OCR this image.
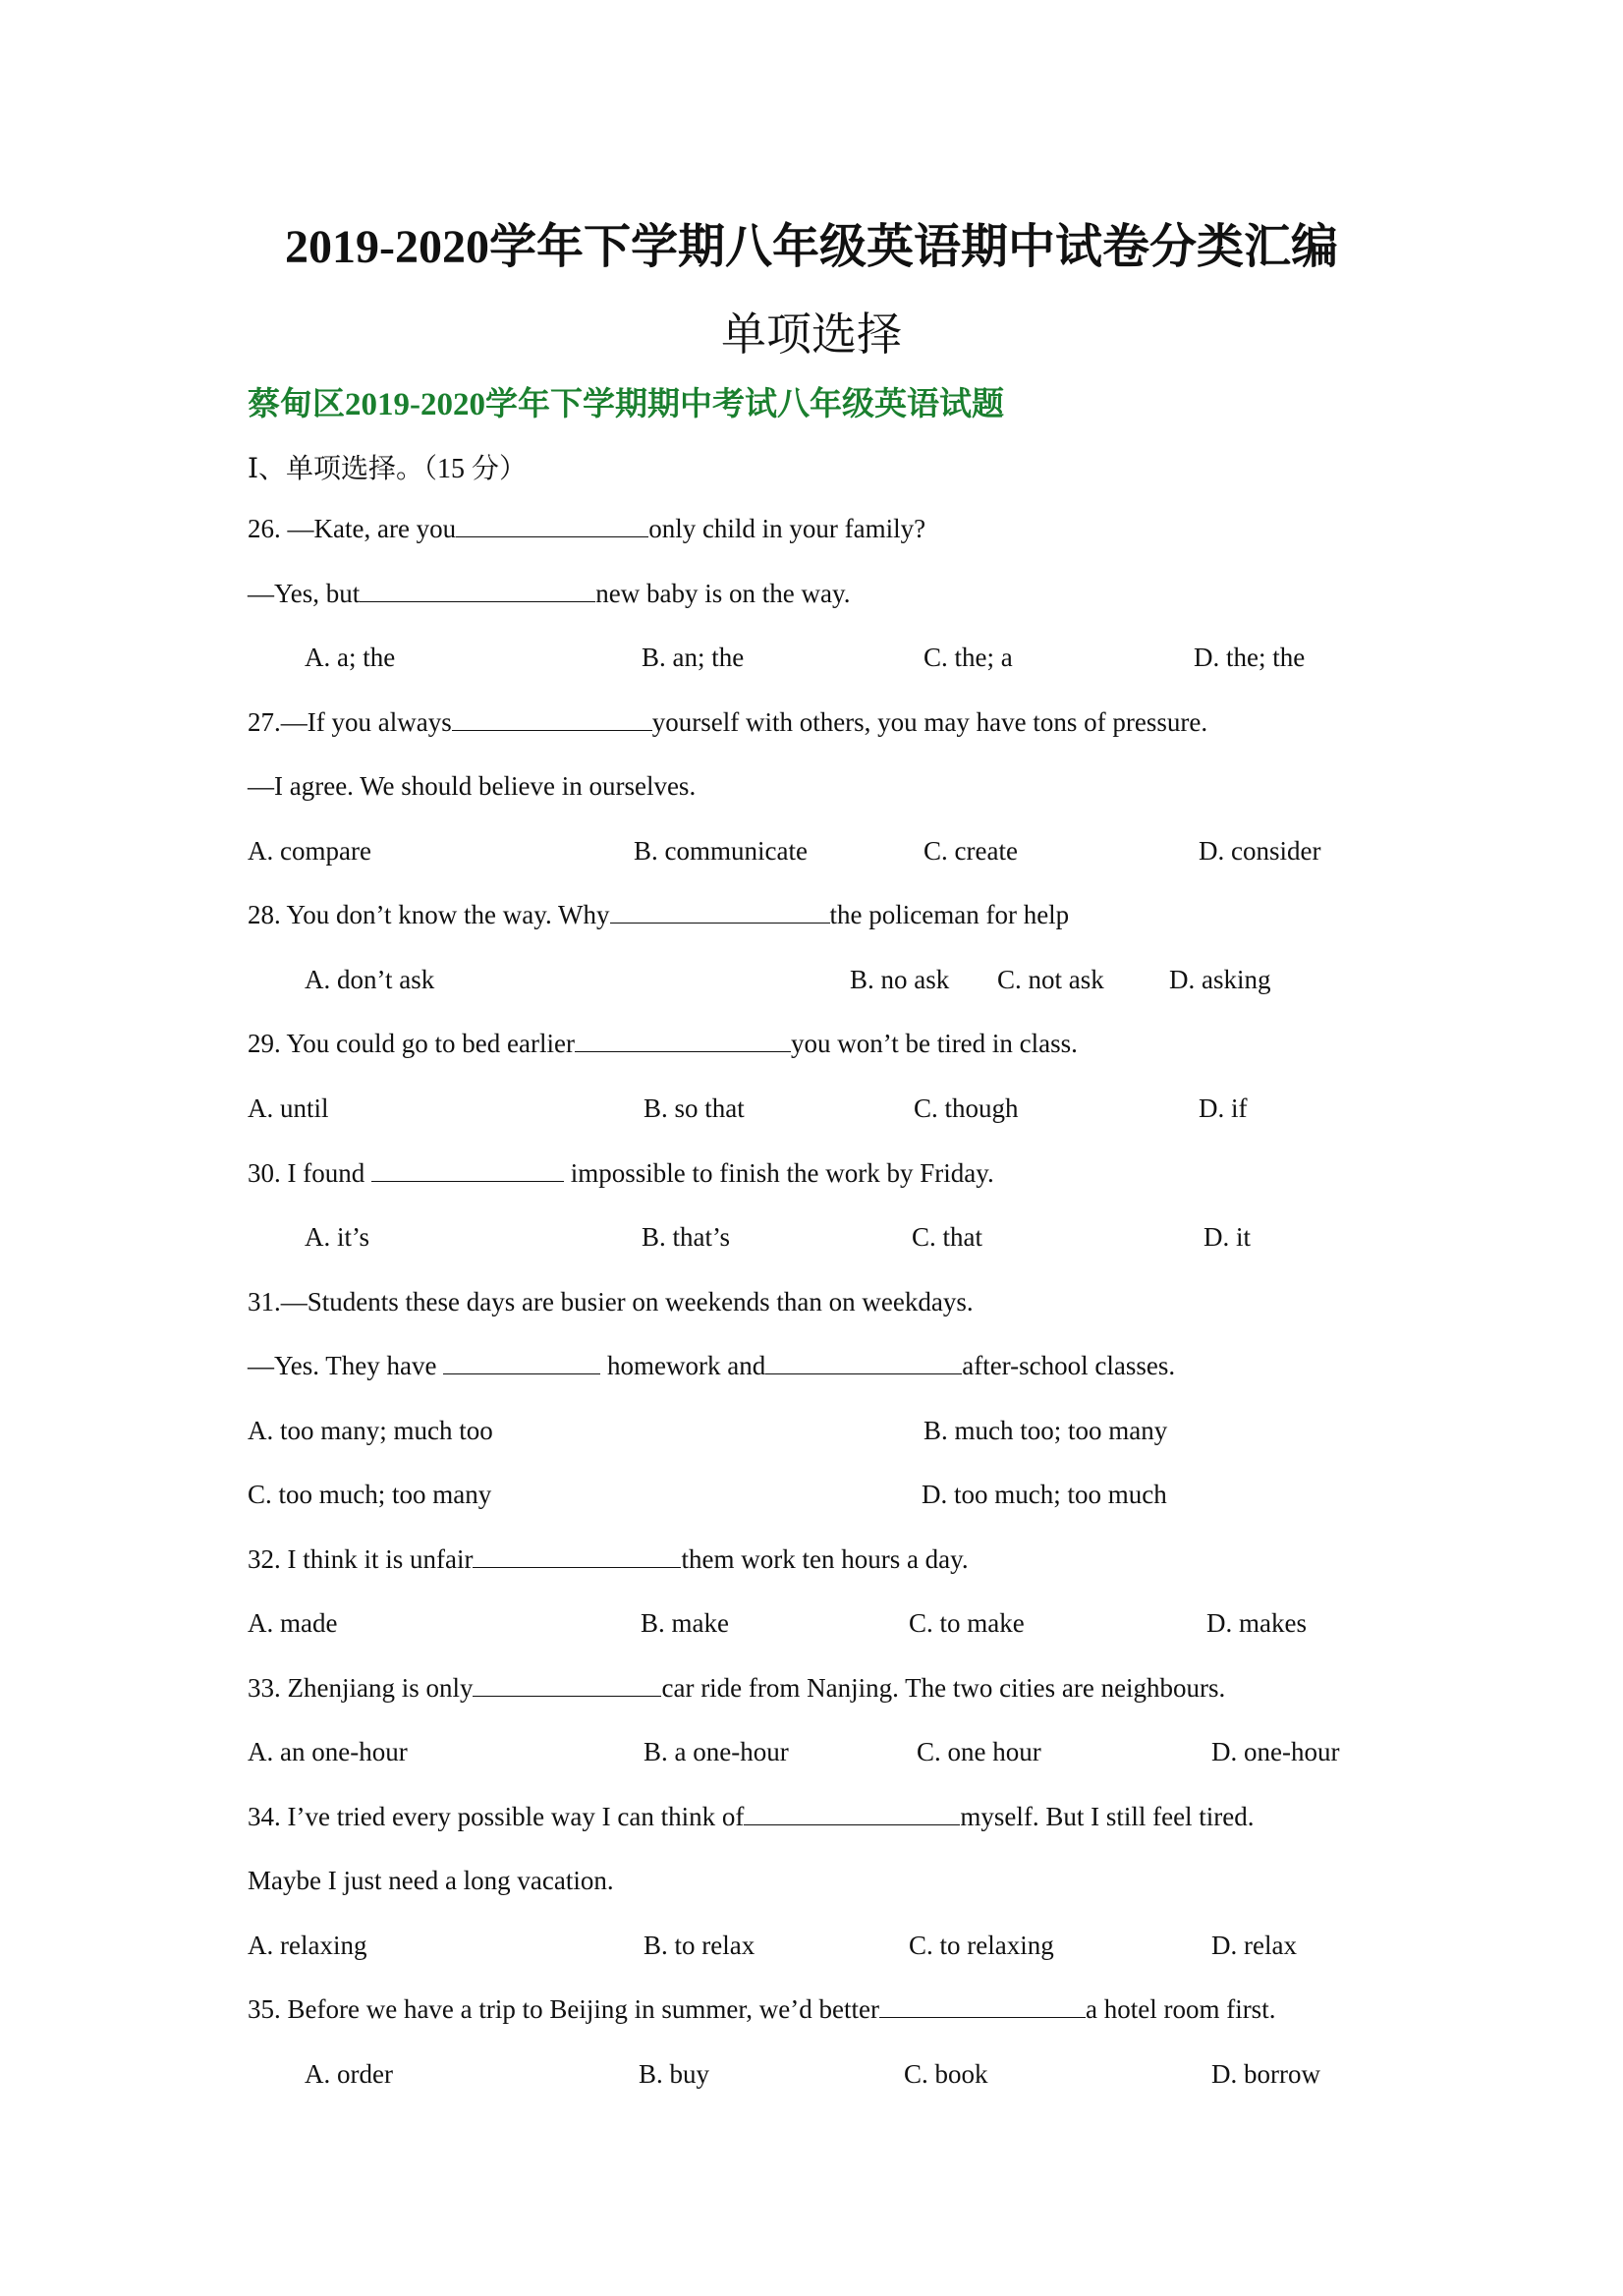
2019-2020学年下学期八年级英语期中试卷分类汇编
单项选择
蔡甸区2019-2020学年下学期期中考试八年级英语试题
Ⅰ、单项选择。（15 分）
26. —Kate, are you	only child in your family?
—Yes, but	new baby is on the way.
A. a; the	B. an; the	C. the; a	D. the; the
27.—If you always	yourself with others, you may have tons of pressure.
—I agree. We should believe in ourselves.
A. compare	B. communicate	C. create	D. consider
28. You don’t know the way. Why	the policeman for help
A. don’t ask	B. no ask C. not ask D. asking
29. You could go to bed earlier	you won’t be tired in class.
A. until	B. so that	C. though	D. if
30. I found	impossible to finish the work by Friday.
A. it’s	B. that’s	C. that	D. it
31.—Students these days are busier on weekends than on weekdays.
—Yes. They have	homework and	after-school classes.
A. too many; much too	B. much too; too many
C. too much; too many	D. too much; too much
32. I think it is unfair	them work ten hours a day.
A. made	B. make	C. to make	D. makes
33. Zhenjiang is only	car ride from Nanjing. The two cities are neighbours.
A. an one-hour	B. a one-hour	C. one hour	D. one-hour
34. I’ve tried every possible way I can think of	myself. But I still feel tired.
Maybe I just need a long vacation.
A. relaxing	B. to relax	C. to relaxing	D. relax
35. Before we have a trip to Beijing in summer, we’d better	a hotel room first.
A. order	B. buy	C. book	D. borrow
